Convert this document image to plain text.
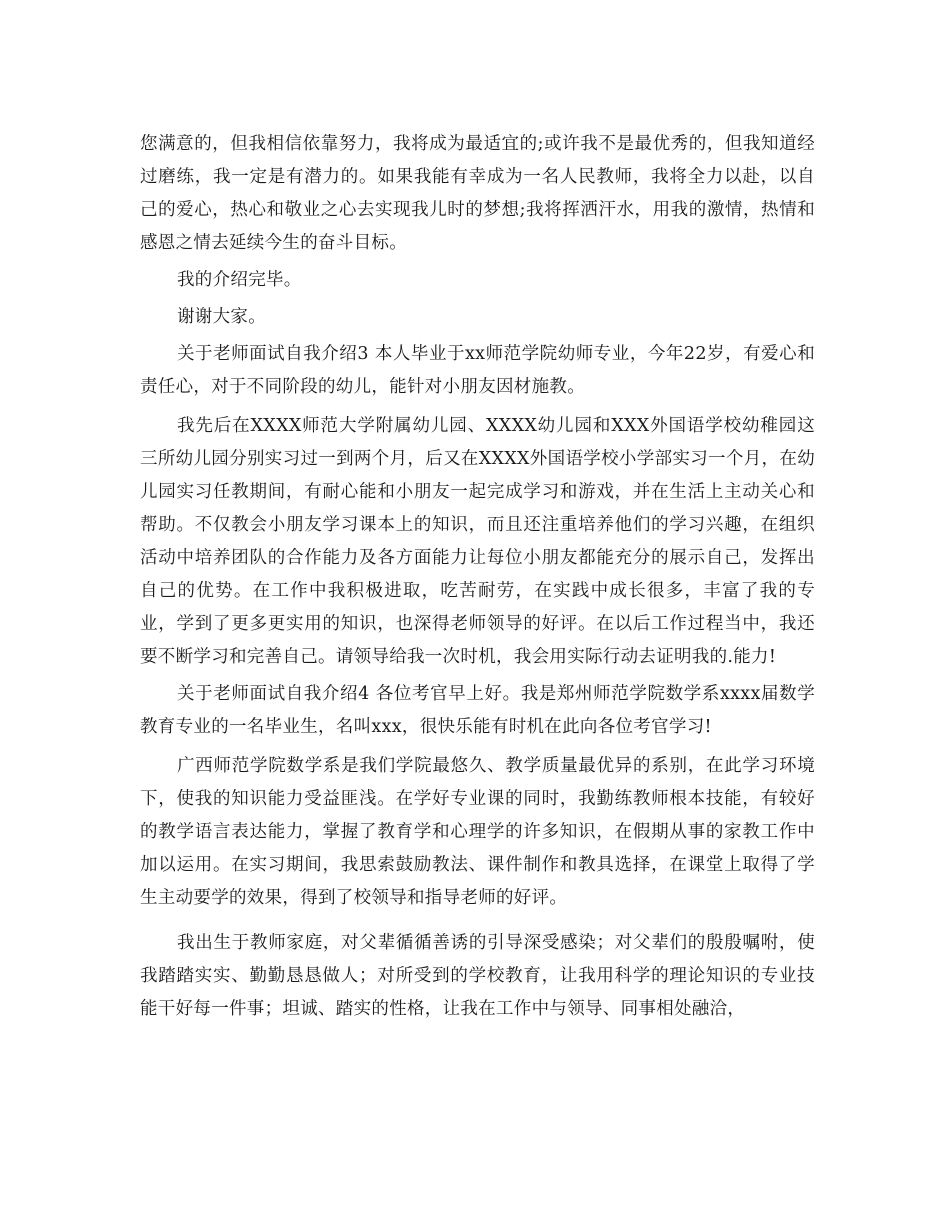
您满意的，但我相信依靠努力，我将成为最适宜的;或许我不是最优秀的，但我知道经过磨练，我一定是有潜力的。如果我能有幸成为一名人民教师，我将全力以赴，以自己的爱心，热心和敬业之心去实现我儿时的梦想;我将挥洒汗水，用我的激情，热情和感恩之情去延续今生的奋斗目标。

我的介绍完毕。

谢谢大家。

关于老师面试自我介绍3 本人毕业于xx师范学院幼师专业，今年22岁，有爱心和责任心，对于不同阶段的幼儿，能针对小朋友因材施教。

我先后在XXXX师范大学附属幼儿园、XXXX幼儿园和XXX外国语学校幼稚园这三所幼儿园分别实习过一到两个月，后又在XXXX外国语学校小学部实习一个月，在幼儿园实习任教期间，有耐心能和小朋友一起完成学习和游戏，并在生活上主动关心和帮助。不仅教会小朋友学习课本上的知识，而且还注重培养他们的学习兴趣，在组织活动中培养团队的合作能力及各方面能力让每位小朋友都能充分的展示自己，发挥出自己的优势。在工作中我积极进取，吃苦耐劳，在实践中成长很多，丰富了我的专业，学到了更多更实用的知识，也深得老师领导的好评。在以后工作过程当中，我还要不断学习和完善自己。请领导给我一次时机，我会用实际行动去证明我的.能力!

关于老师面试自我介绍4 各位考官早上好。我是郑州师范学院数学系xxxx届数学教育专业的一名毕业生，名叫xxx，很快乐能有时机在此向各位考官学习!

广西师范学院数学系是我们学院最悠久、教学质量最优异的系别，在此学习环境下，使我的知识能力受益匪浅。在学好专业课的同时，我勤练教师根本技能，有较好的教学语言表达能力，掌握了教育学和心理学的许多知识，在假期从事的家教工作中加以运用。在实习期间，我思索鼓励教法、课件制作和教具选择，在课堂上取得了学生主动要学的效果，得到了校领导和指导老师的好评。

我出生于教师家庭，对父辈循循善诱的引导深受感染；对父辈们的殷殷嘱咐，使我踏踏实实、勤勤恳恳做人；对所受到的学校教育，让我用科学的理论知识的专业技能干好每一件事；坦诚、踏实的性格，让我在工作中与领导、同事相处融洽，
